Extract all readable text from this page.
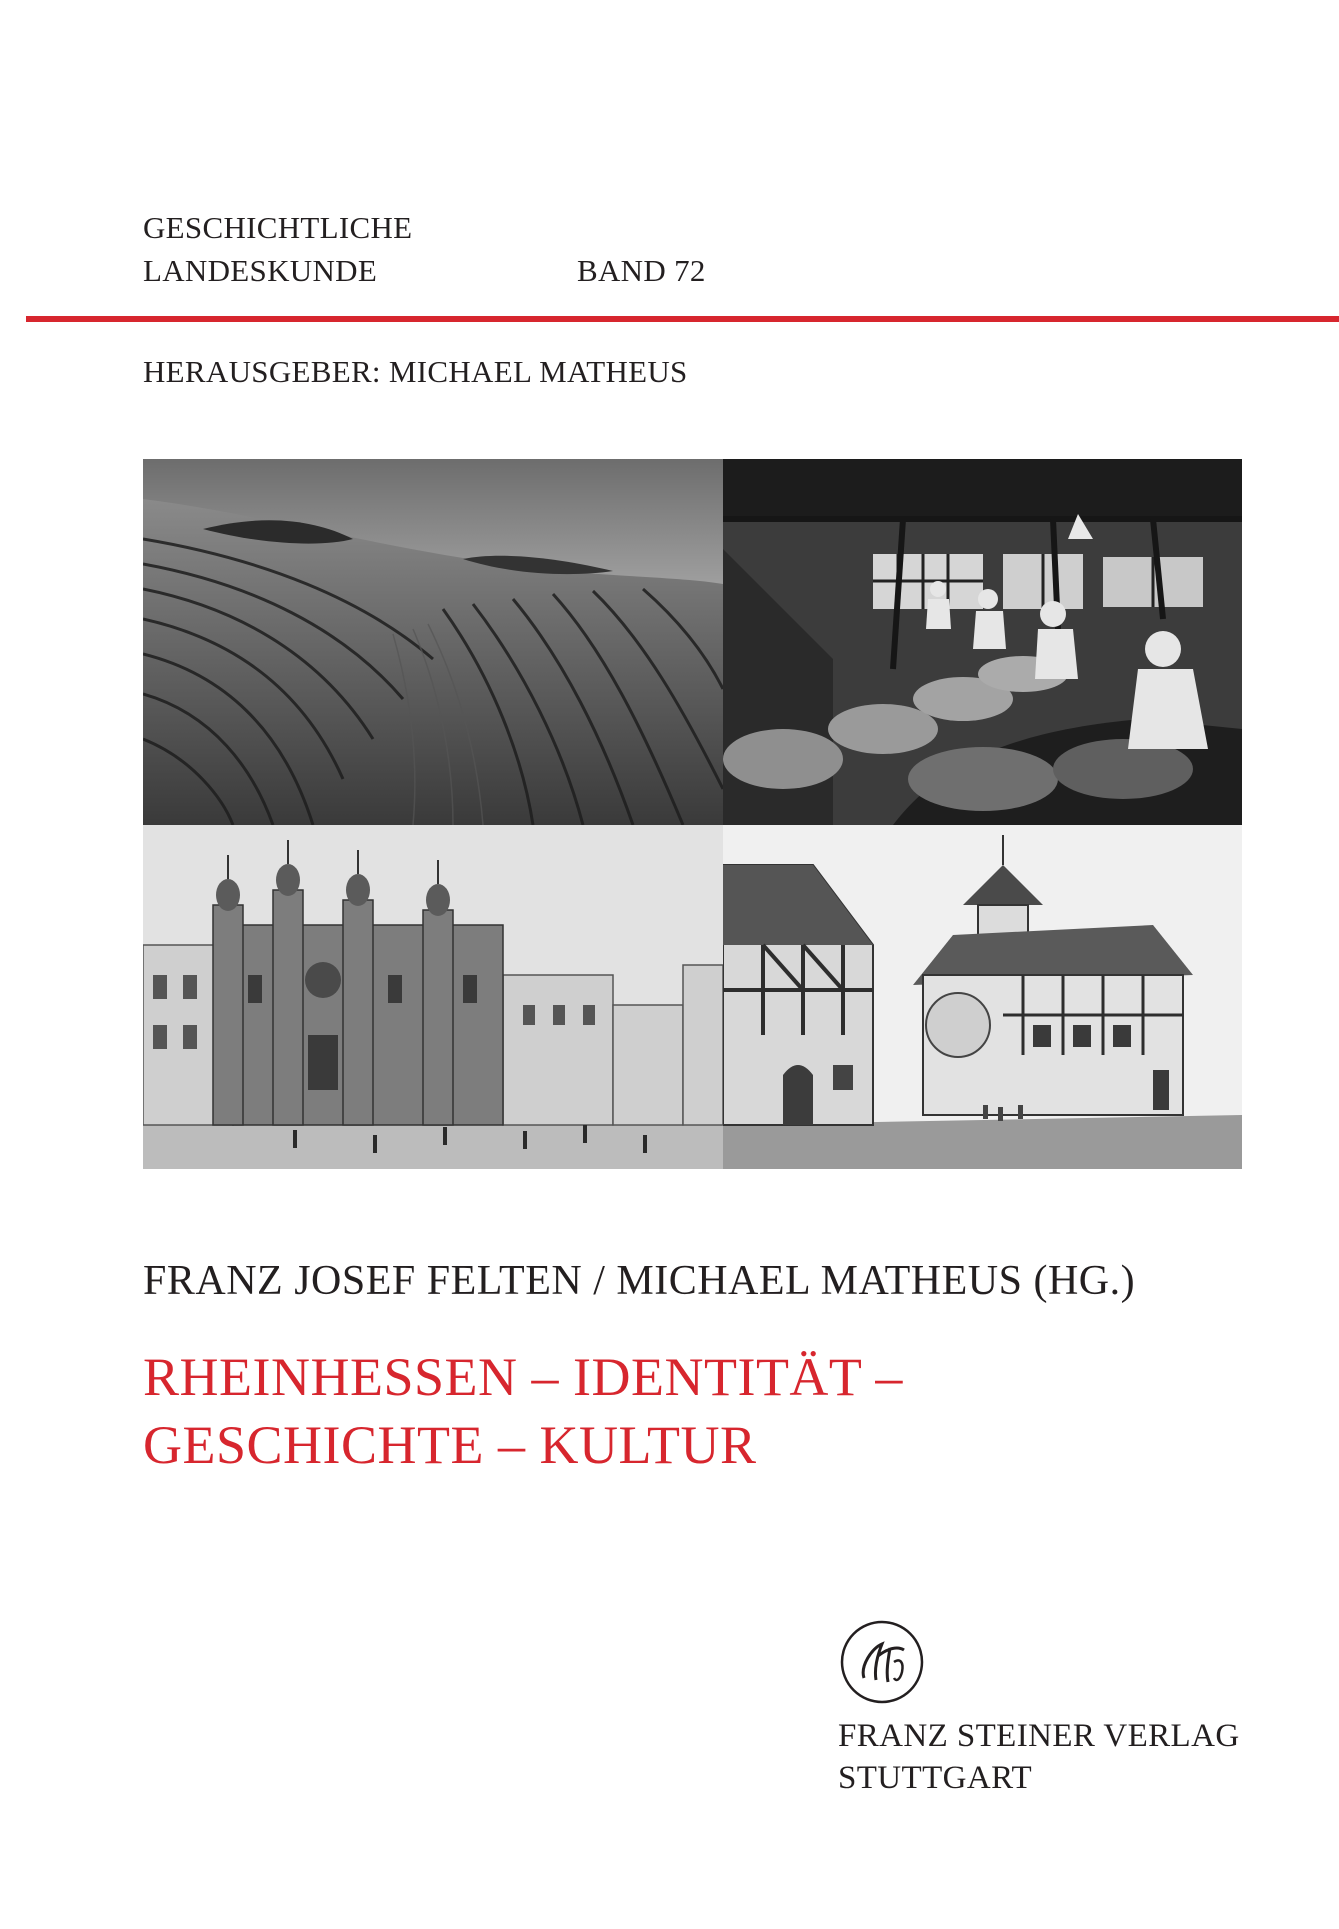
GESCHICHTLICHE
LANDESKUNDE	BAND 72
HERAUSGEBER: MICHAEL MATHEUS
FRANZ JOSEF FELTEN / MICHAEL MATHEUS (HG.)
RHEINHESSEN – IDENTITÄT –
GESCHICHTE – KULTUR
FRANZ STEINER VERLAG
STUTTGART
